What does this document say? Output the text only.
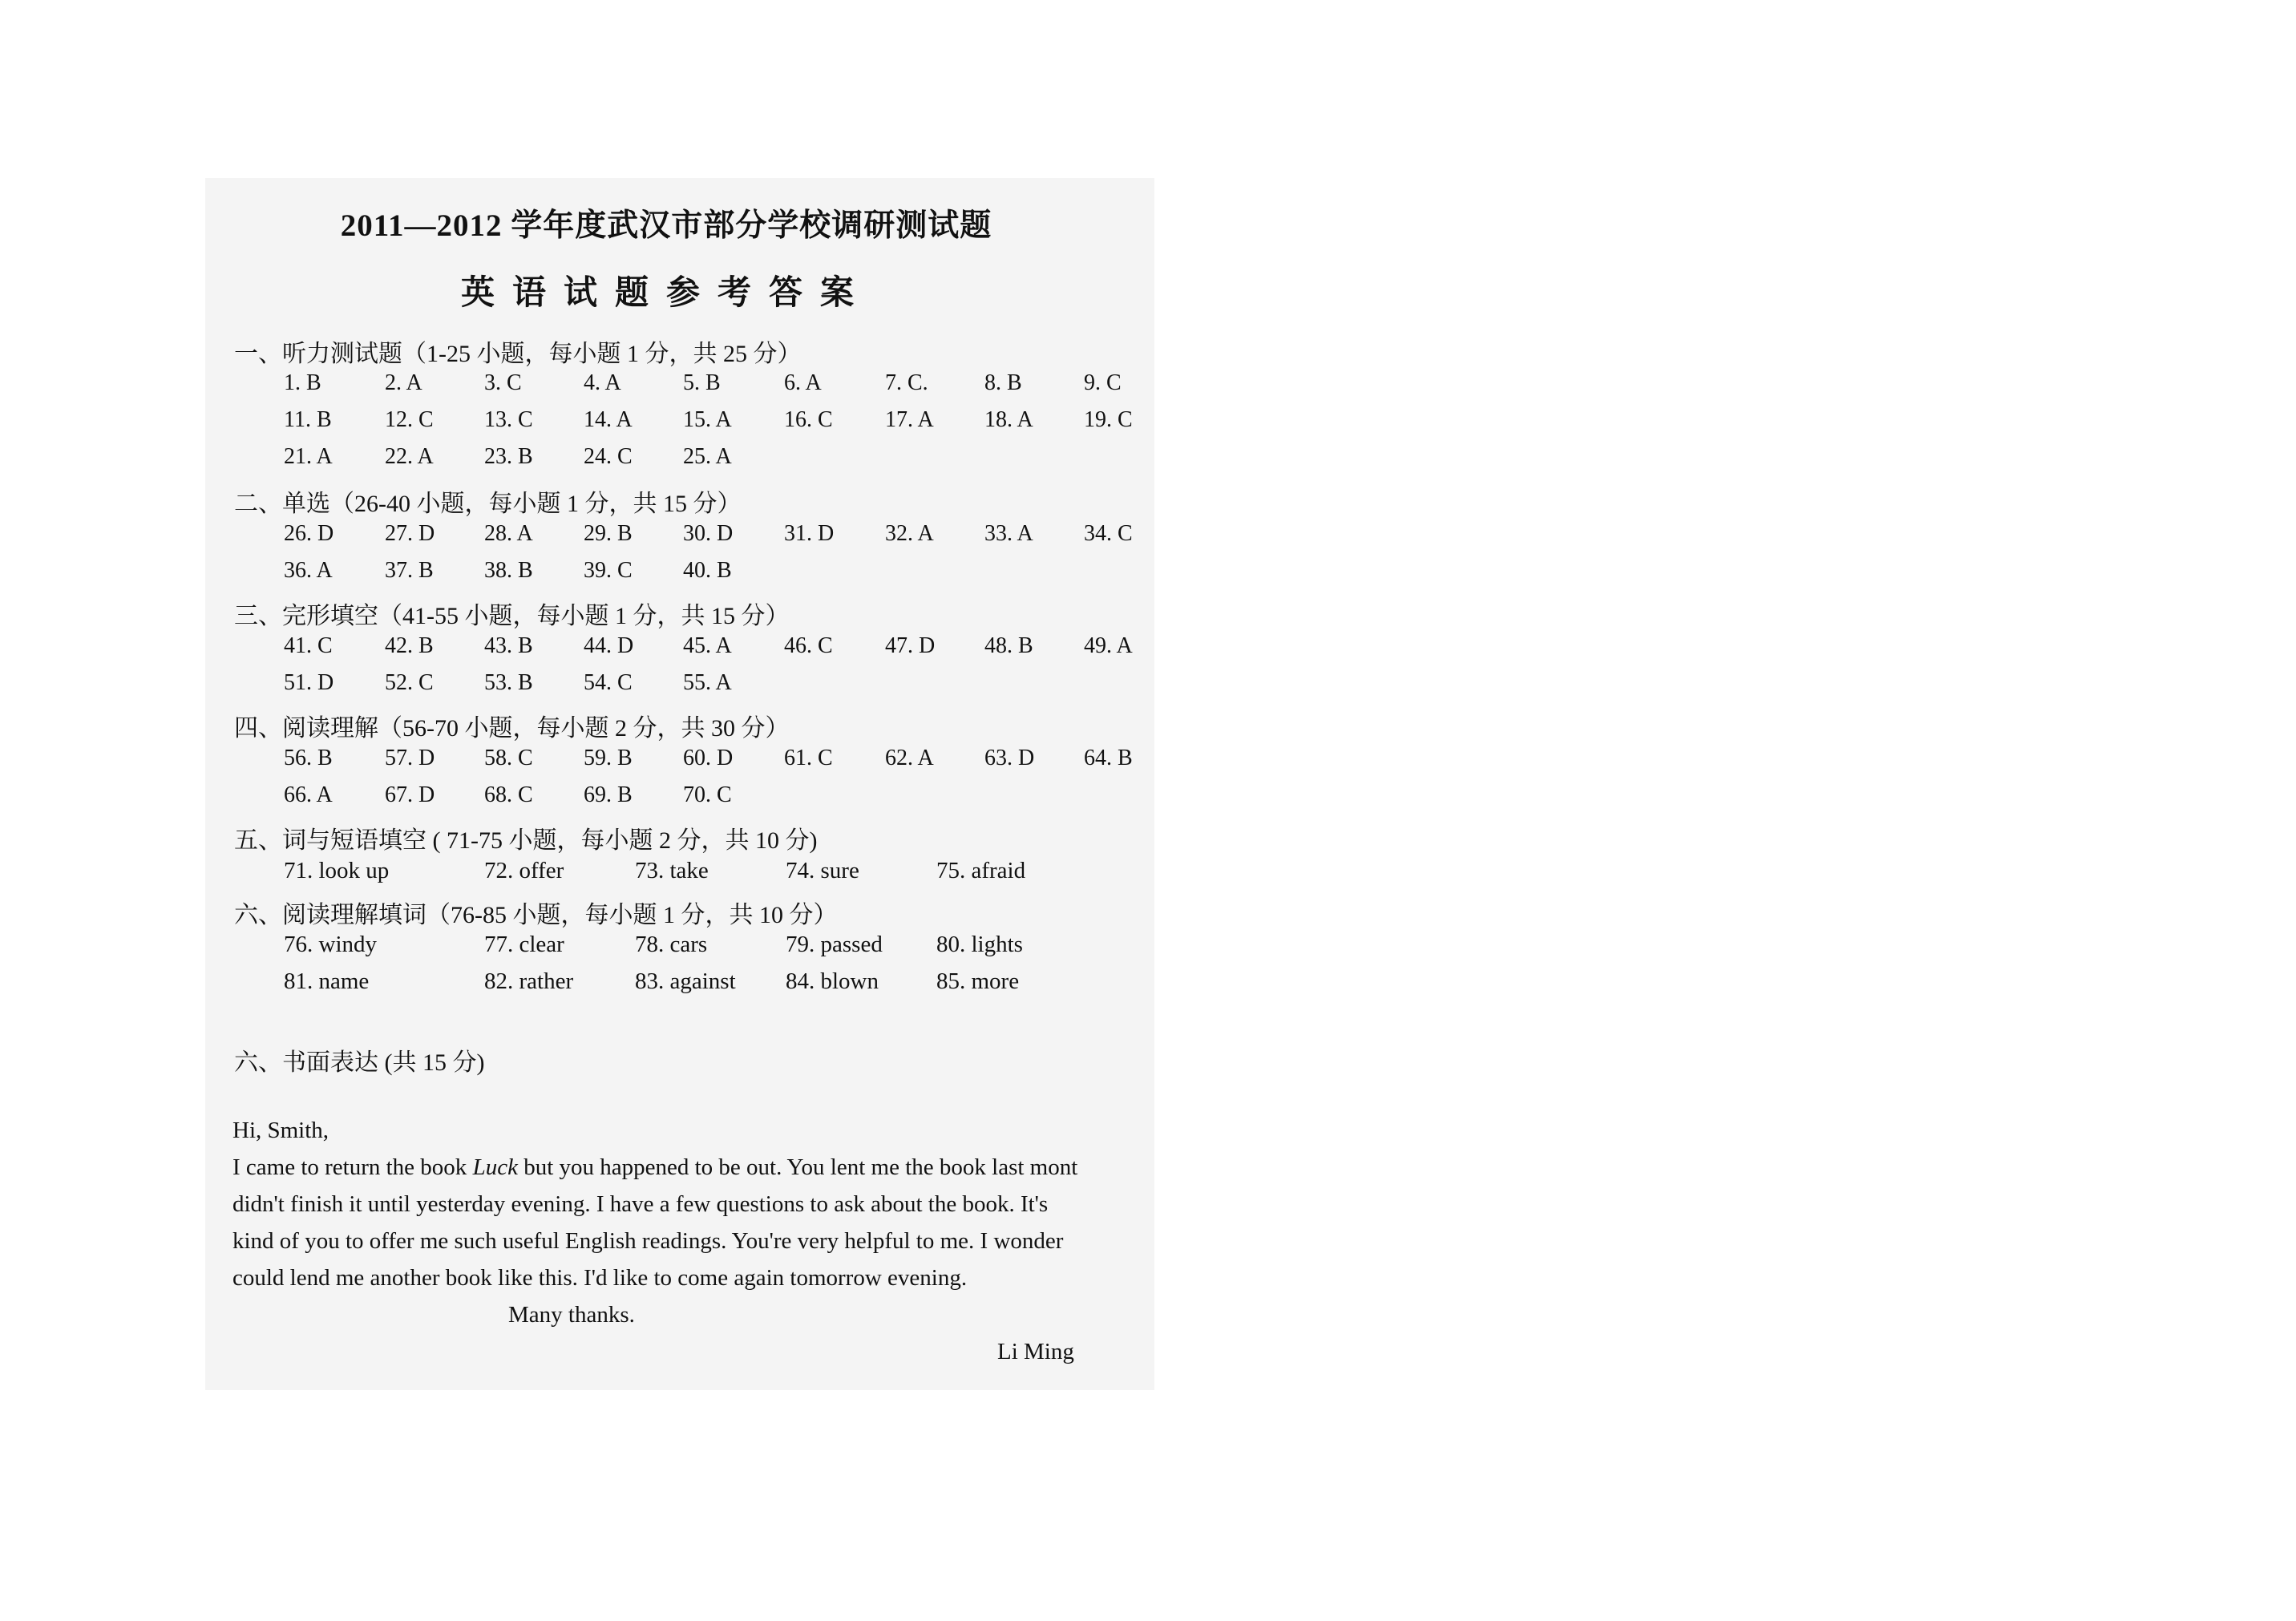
2011—2012 学年度武汉市部分学校调研测试题
英语试题参考答案
一、听力测试题（1-25 小题，每小题 1 分，共 25 分）
1. B	2. A	3. C	4. A	5. B	6. A	7. C.	8. B	9. C
11. B 12. C 13. C 14. A 15. A 16. C 17. A 18. A 19. C
21. A 22. A 23. B 24. C 25. A
二、单选（26-40 小题，每小题 1 分，共 15 分）
26. D 27. D 28. A 29. B 30. D 31. D 32. A 33. A 34. C
36. A 37. B 38. B 39. C 40. B
三、完形填空（41-55 小题，每小题 1 分，共 15 分）
41. C 42. B 43. B 44. D 45. A 46. C 47. D 48. B 49. A
51. D 52. C 53. B 54. C 55. A
四、阅读理解（56-70 小题，每小题 2 分，共 30 分）
56. B 57. D 58. C 59. B 60. D 61. C 62. A 63. D 64. B
66. A 67. D 68. C 69. B 70. C
五、词与短语填空 ( 71-75 小题，每小题 2 分，共 10 分)
71. look up	72. offer	73. take	74. sure	75. afraid
六、阅读理解填词（76-85 小题，每小题 1 分，共 10 分）
76. windy	77. clear	78. cars	79. passed 80. lights
81. name	82. rather	83. against 84. blown 85. more
六、书面表达 (共 15 分)
Hi, Smith,
I came to return the book Luck but you happened to be out. You lent me the book last mont
didn't finish it until yesterday evening. I have a few questions to ask about the book. It's
kind of you to offer me such useful English readings. You're very helpful to me. I wonder
could lend me another book like this. I'd like to come again tomorrow evening.
Many thanks.
Li Ming
